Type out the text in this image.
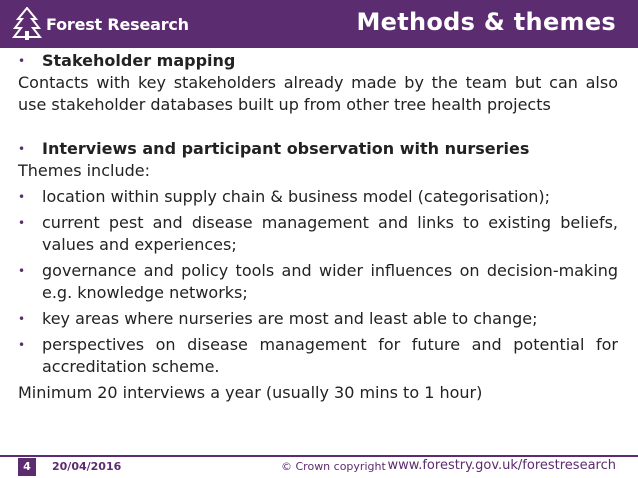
Forest Research	Methods & themes
•	Stakeholder mapping
Contacts with key stakeholders already made by the team but can also use stakeholder databases built up from other tree health projects
•	Interviews and participant observation with nurseries
Themes include:
•	location within supply chain & business model (categorisation);
•	current pest and disease management and links to existing beliefs, values and experiences;
•	governance and policy tools and wider influences on decision-making e.g. knowledge networks;
•	key areas where nurseries are most and least able to change;
•	perspectives on disease management for future and potential for accreditation scheme.
Minimum 20 interviews a year (usually 30 mins to 1 hour)
4	20/04/2016	© Crown copyright www.forestry.gov.uk/forestresearch
